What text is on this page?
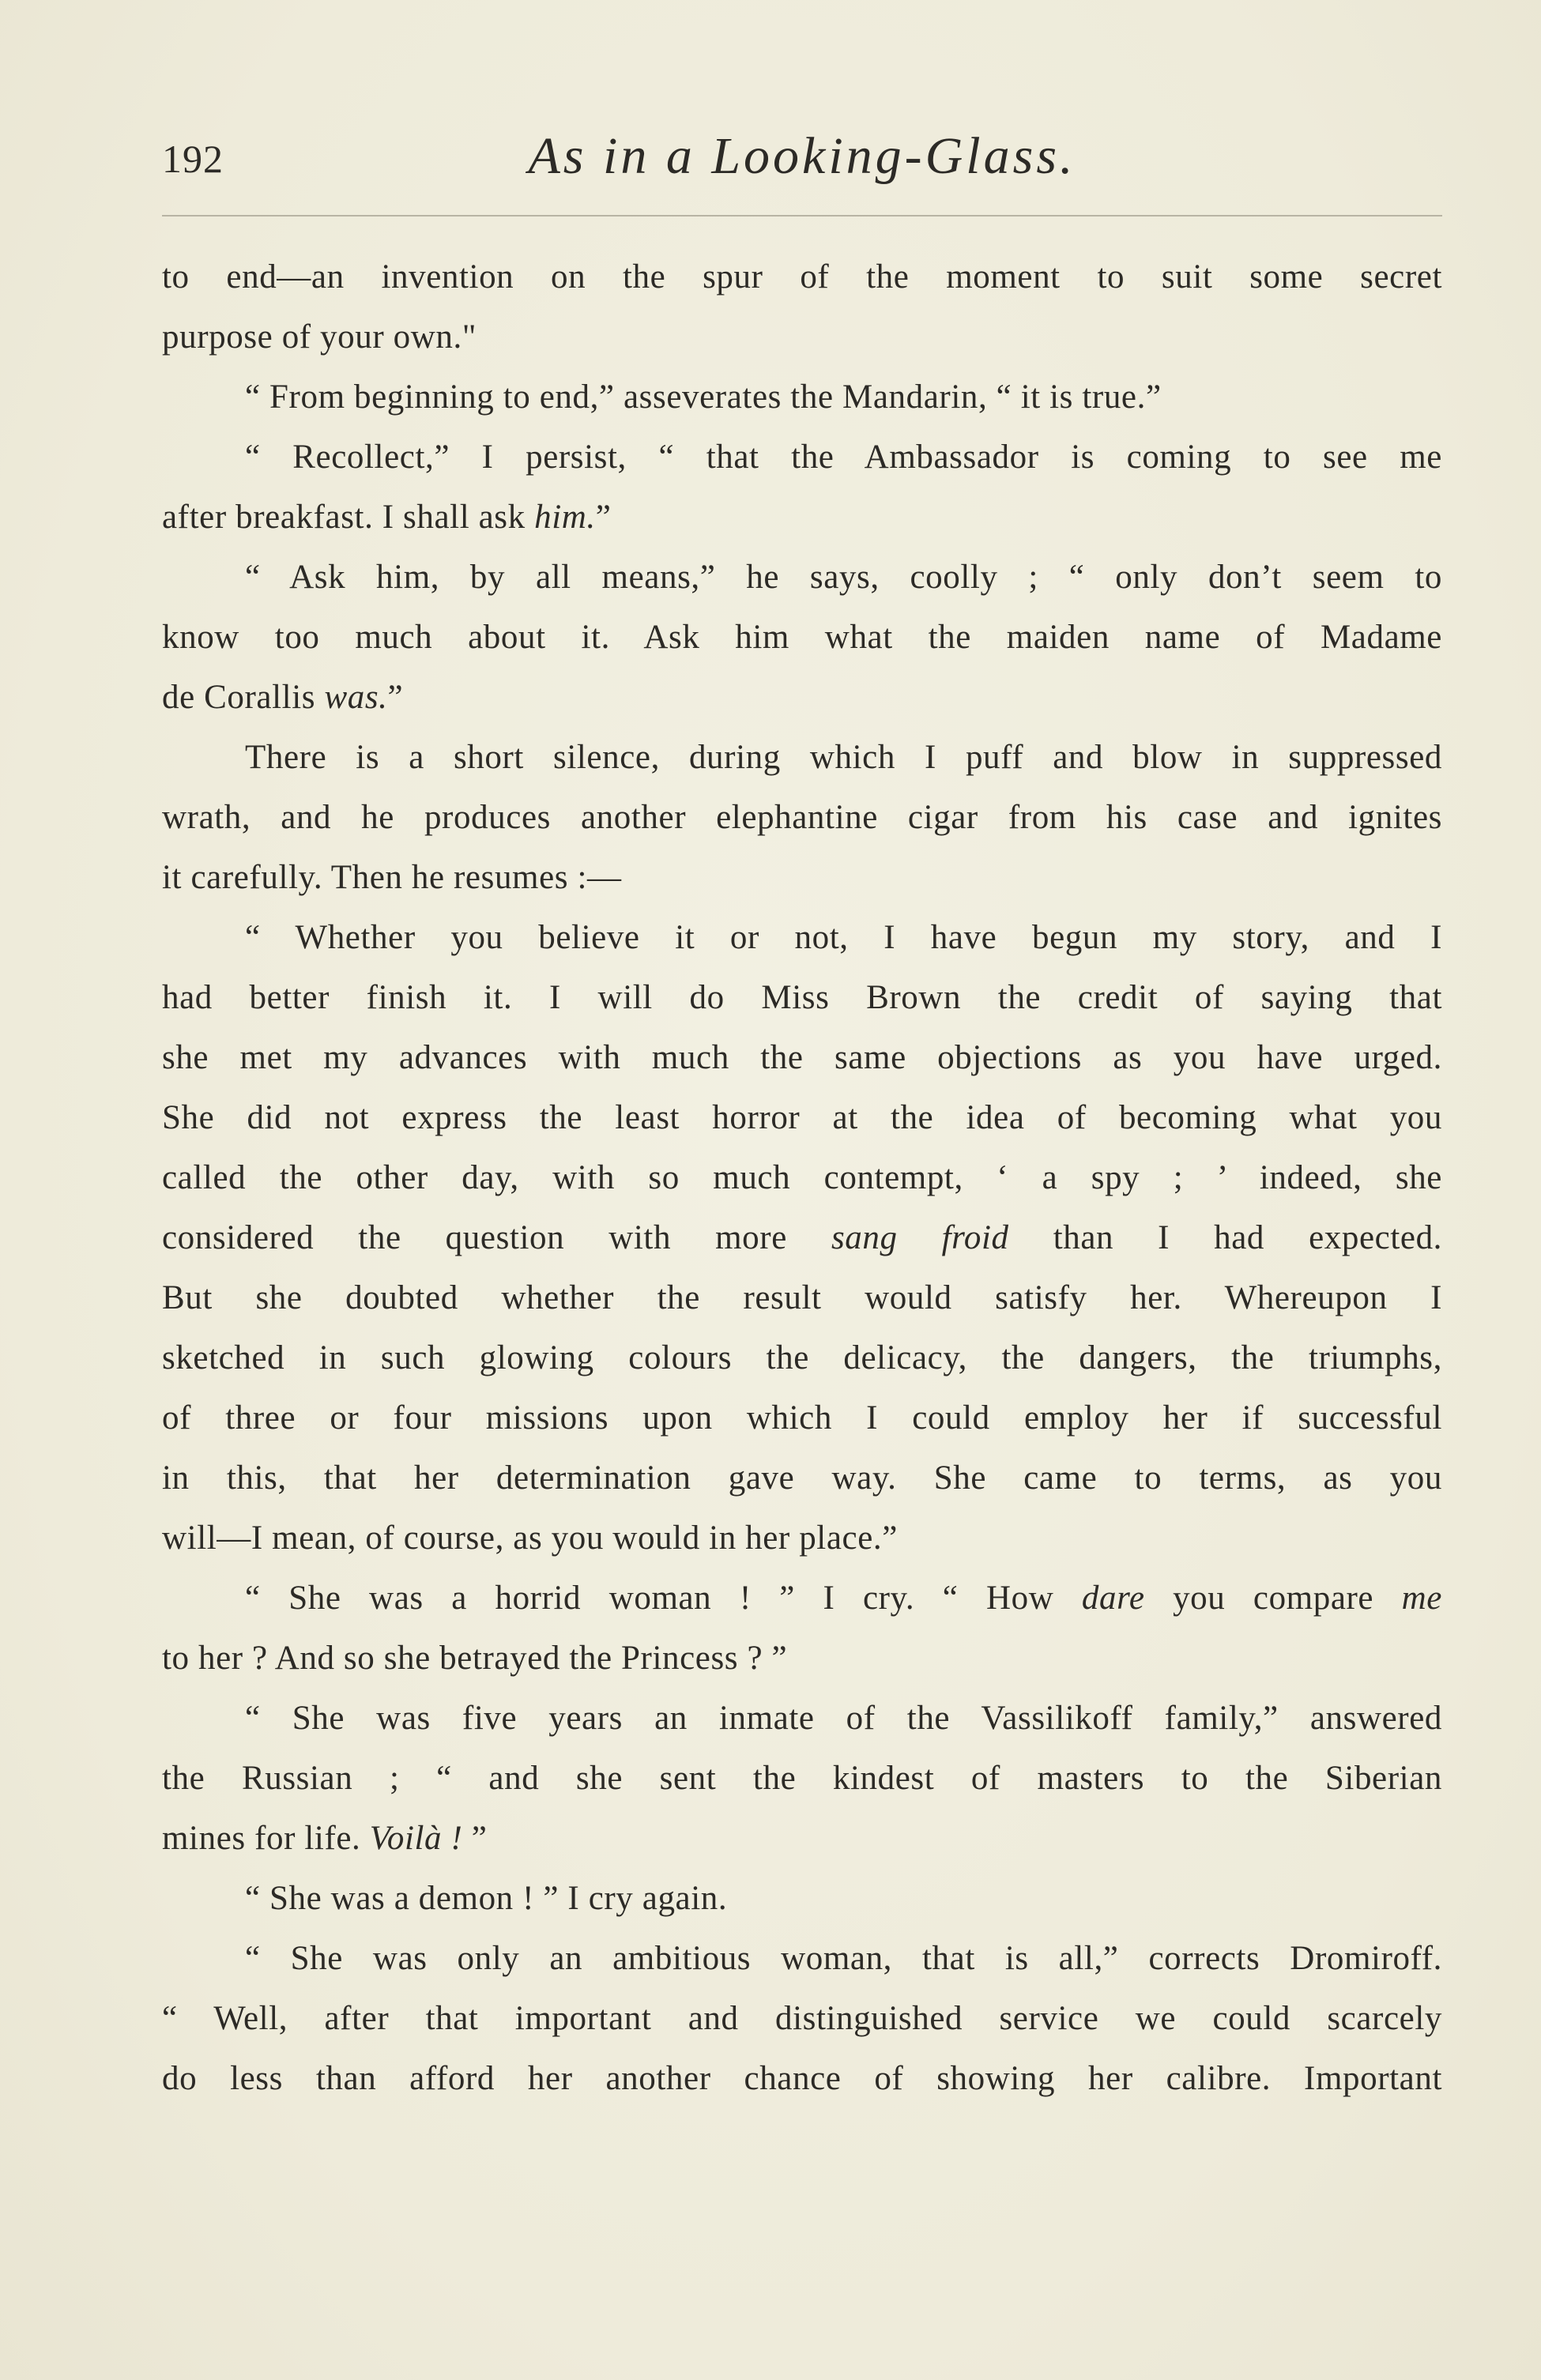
192	As in a Looking-Glass.
to end—an invention on the spur of the moment to suit some secret
purpose of your own."
“ From beginning to end,” asseverates the Mandarin, “ it is true.”
“ Recollect,” I persist, “ that the Ambassador is coming to see me
after breakfast. I shall ask him.”
“ Ask him, by all means,” he says, coolly ; “ only don’t seem to
know too much about it. Ask him what the maiden name of Madame
de Corallis was.”
There is a short silence, during which I puff and blow in suppressed
wrath, and he produces another elephantine cigar from his case and ignites
it carefully. Then he resumes :—
“ Whether you believe it or not, I have begun my story, and I
had better finish it. I will do Miss Brown the credit of saying that
she met my advances with much the same objections as you have urged.
She did not express the least horror at the idea of becoming what you
called the other day, with so much contempt, ‘ a spy ; ’ indeed, she
considered the question with more sang froid than I had expected.
But she doubted whether the result would satisfy her. Whereupon I
sketched in such glowing colours the delicacy, the dangers, the triumphs,
of three or four missions upon which I could employ her if successful
in this, that her determination gave way. She came to terms, as you
will—I mean, of course, as you would in her place.”
“ She was a horrid woman ! ” I cry. “ How dare you compare me
to her ? And so she betrayed the Princess ? ”
“ She was five years an inmate of the Vassilikoff family,” answered
the Russian ; “ and she sent the kindest of masters to the Siberian
mines for life. Voilà ! ”
“ She was a demon ! ” I cry again.
“ She was only an ambitious woman, that is all,” corrects Dromiroff.
“ Well, after that important and distinguished service we could scarcely
do less than afford her another chance of showing her calibre. Important
